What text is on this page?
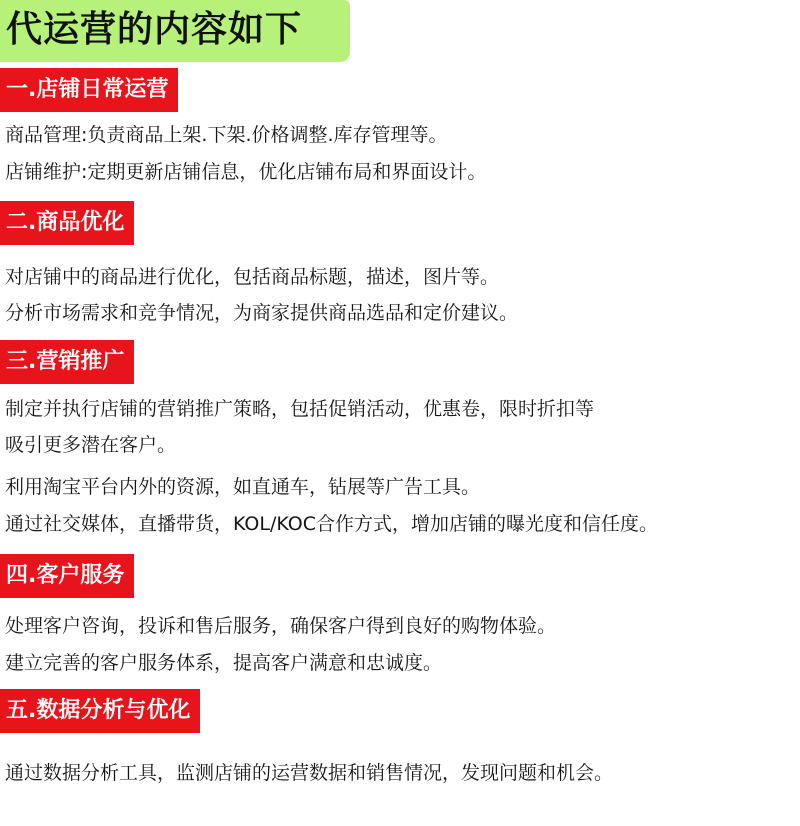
代运营的内容如下
一.店铺日常运营
商品管理:负责商品上架.下架.价格调整.库存管理等。
店铺维护:定期更新店铺信息，优化店铺布局和界面设计。
二.商品优化
对店铺中的商品进行优化，包括商品标题，描述，图片等。
分析市场需求和竞争情况，为商家提供商品选品和定价建议。
三.营销推广
制定并执行店铺的营销推广策略，包括促销活动，优惠卷，限时折扣等
吸引更多潜在客户。
利用淘宝平台内外的资源，如直通车，钻展等广告工具。
通过社交媒体，直播带货，KOL/KOC合作方式，增加店铺的曝光度和信任度。
四.客户服务
处理客户咨询，投诉和售后服务，确保客户得到良好的购物体验。
建立完善的客户服务体系，提高客户满意和忠诚度。
五.数据分析与优化
通过数据分析工具，监测店铺的运营数据和销售情况，发现问题和机会。
